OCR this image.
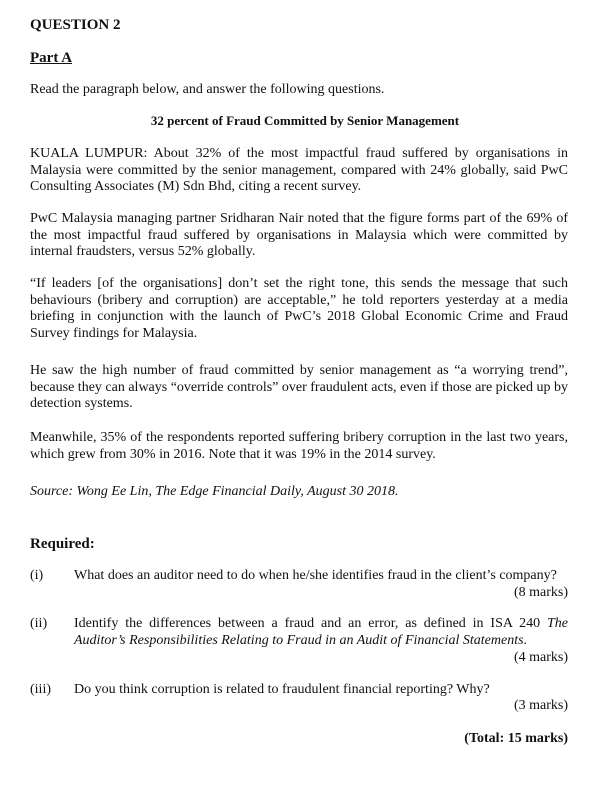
QUESTION 2
Part A
Read the paragraph below, and answer the following questions.
32 percent of Fraud Committed by Senior Management
KUALA LUMPUR: About 32% of the most impactful fraud suffered by organisations in Malaysia were committed by the senior management, compared with 24% globally, said PwC Consulting Associates (M) Sdn Bhd, citing a recent survey.
PwC Malaysia managing partner Sridharan Nair noted that the figure forms part of the 69% of the most impactful fraud suffered by organisations in Malaysia which were committed by internal fraudsters, versus 52% globally.
“If leaders [of the organisations] don’t set the right tone, this sends the message that such behaviours (bribery and corruption) are acceptable,” he told reporters yesterday at a media briefing in conjunction with the launch of PwC’s 2018 Global Economic Crime and Fraud Survey findings for Malaysia.
He saw the high number of fraud committed by senior management as “a worrying trend”, because they can always “override controls” over fraudulent acts, even if those are picked up by detection systems.
Meanwhile, 35% of the respondents reported suffering bribery corruption in the last two years, which grew from 30% in 2016. Note that it was 19% in the 2014 survey.
Source: Wong Ee Lin, The Edge Financial Daily, August 30 2018.
Required:
(i) What does an auditor need to do when he/she identifies fraud in the client’s company?
(8 marks)
(ii) Identify the differences between a fraud and an error, as defined in ISA 240 The Auditor’s Responsibilities Relating to Fraud in an Audit of Financial Statements.
(4 marks)
(iii) Do you think corruption is related to fraudulent financial reporting? Why?
(3 marks)
(Total: 15 marks)
